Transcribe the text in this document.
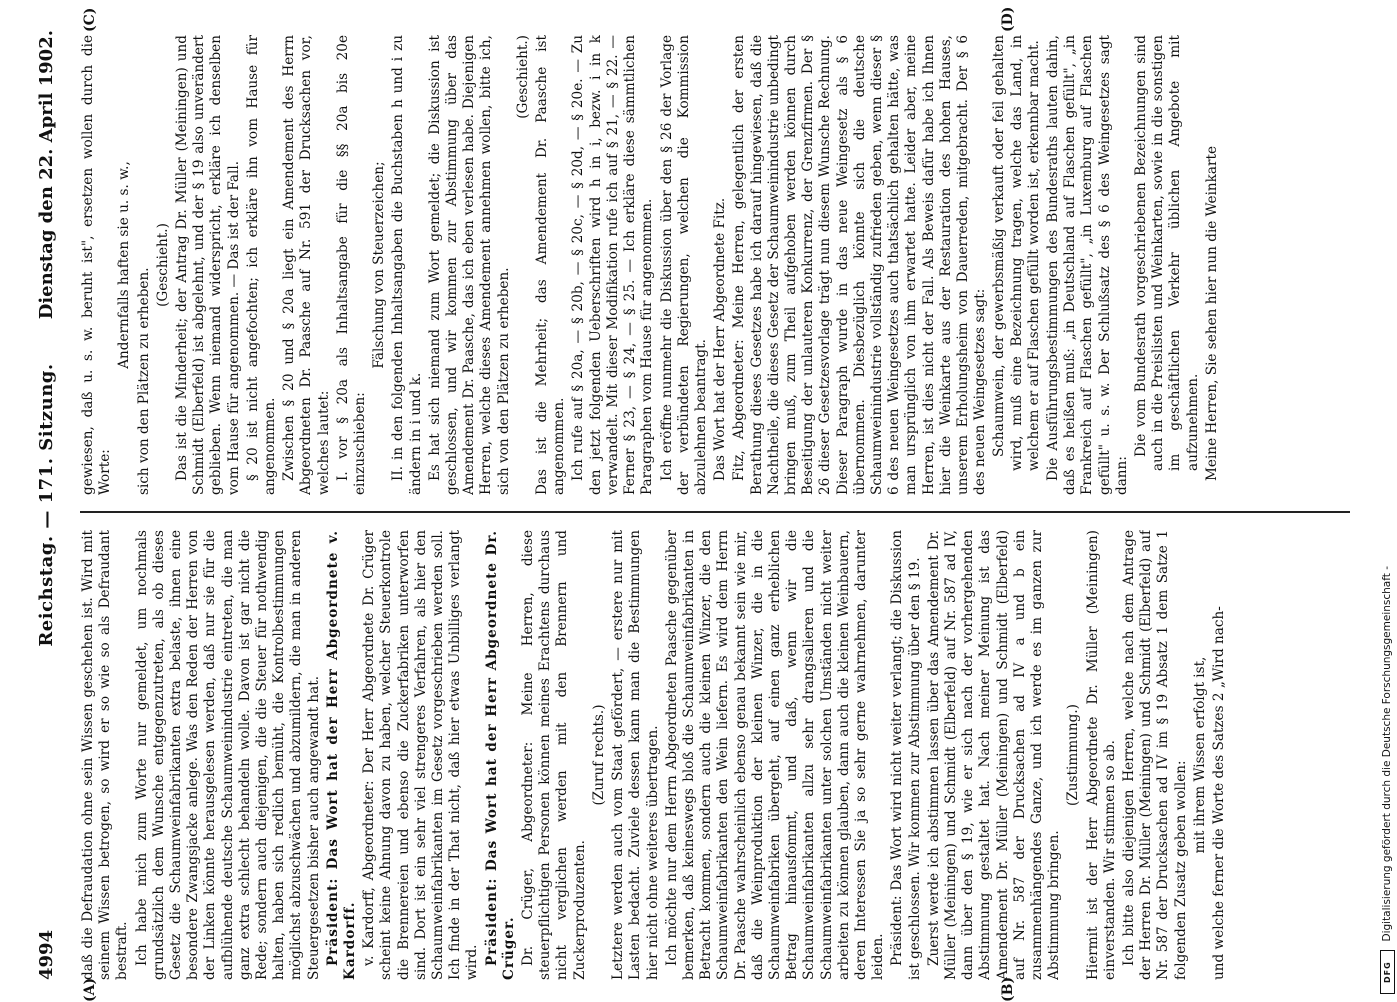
4994
Reichstag. — 171. Sitzung.
Dienstag den 22. April 1902.
(A)	(B)
(C)	(D)

daß die Defraudation ohne sein Wissen geschehen ist. Wird mit seinem Wissen betrogen, so wird er so wie so als Defraudant bestraft. Ich habe mich zum Worte nur gemeldet, um nochmals grundsätzlich dem Wunsche entgegenzutreten, als ob dieses Gesetz die Schaumweinfabrikanten extra belaste, ihnen eine besondere Zwangsjacke anlege. Was den Reden der Herren von der Linken könnte herausgelesen werden, daß nur sie für die aufblühende deutsche Schaumweinindustrie eintreten, die man ganz extra schlecht behandeln wolle. Davon ist gar nicht die Rede; sondern auch diejenigen, die die Steuer für nothwendig halten, haben sich redlich bemüht, die Kontrolbestimmungen möglichst abzuschwächen und abzumildern, die man in anderen Steuergesetzen bisher auch angewandt hat. Präsident: Das Wort hat der Herr Abgeordnete v. Kardorff. v. Kardorff, Abgeordneter: Der Herr Abgeordnete Dr. Crüger scheint keine Ahnung davon zu haben, welcher Steuerkontrole die Brennereien und ebenso die Zuckerfabriken unterworfen sind. Dort ist ein sehr viel strengeres Verfahren, als hier den Schaumweinfabrikanten im Gesetz vorgeschrieben werden soll. Ich finde in der That nicht, daß hier etwas Unbilliges verlangt wird. Präsident: Das Wort hat der Herr Abgeordnete Dr. Crüger. Dr. Crüger, Abgeordneter: Meine Herren, diese steuerpflichtigen Personen können meines Erachtens durchaus nicht verglichen werden mit den Brennern und Zuckerproduzenten.

(Zuruf rechts.) Letztere werden auch vom Staat gefördert, — erstere nur mit Lasten bedacht. Zuviele dessen kann man die Bestimmungen hier nicht ohne weiteres übertragen. Ich möchte nur dem Herrn Abgeordneten Paasche gegenüber bemerken, daß keineswegs bloß die Schaumweinfabrikanten in Betracht kommen, sondern auch die kleinen Winzer, die den Schaumweinfabrikanten den Wein liefern. Es wird dem Herrn Dr. Paasche wahrscheinlich ebenso genau bekannt sein wie mir, daß die Weinproduktion der kleinen Winzer, die in die Schaumweinfabriken übergeht, auf einen ganz erheblichen Betrag hinausfommt, und daß, wenn wir die Schaumweinfabrikanten allzu sehr drangsalieren und die Schaumweinfabrikanten unter solchen Umständen nicht weiter arbeiten zu können glauben, dann auch die kleinen Weinbauern, deren Interessen Sie ja so sehr gerne wahrnehmen, darunter leiden. Präsident: Das Wort wird nicht weiter verlangt; die Diskussion ist geschlossen. Wir kommen zur Abstimmung über den § 19. Zuerst werde ich abstimmen lassen über das Amendement Dr. Müller (Meiningen) und Schmidt (Elberfeld) auf Nr. 587 ad IV, dann über den § 19, wie er sich nach der vorhergehenden Abstimmung gestaltet hat. Nach meiner Meinung ist das Amendement Dr. Müller (Meiningen) und Schmidt (Elberfeld) auf Nr. 587 der Drucksachen ad IV a und b ein zusammenhängendes Ganze, und ich werde es im ganzen zur Abstimmung bringen.

(Zustimmung.) Hiermit ist der Herr Abgeordnete Dr. Müller (Meiningen) einverstanden. Wir stimmen so ab. Ich bitte also diejenigen Herren, welche nach dem Antrage der Herren Dr. Müller (Meiningen) und Schmidt (Elberfeld) auf Nr. 587 der Drucksachen ad IV im § 19 Absatz 1 dem Satze 1 folgenden Zusatz geben wollen:

mit ihrem Wissen erfolgt ist, und welche ferner die Worte des Satzes 2 „Wird nach-

gewiesen, daß u. s. w. beruht ist", ersetzen wollen durch die Worte:

Andernfalls haften sie u. s. w.,

sich von den Plätzen zu erheben.

(Geschieht.) Das ist die Minderheit; der Antrag Dr. Müller (Meiningen) und Schmidt (Elberfeld) ist abgelehnt, und der § 19 also unverändert geblieben. Wenn niemand widerspricht, erkläre ich denselben vom Hause für angenommen. — Das ist der Fall. § 20 ist nicht angefochten; ich erkläre ihn vom Hause für angenommen. Zwischen § 20 und § 20a liegt ein Amendement des Herrn Abgeordneten Dr. Paasche auf Nr. 591 der Drucksachen vor, welches lautet: I. vor § 20a als Inhaltsangabe für die §§ 20a bis 20e einzuschieben:

Fälschung von Steuerzeichen; II. in den folgenden Inhaltsangaben die Buchstaben h und i zu ändern in i und k. Es hat sich niemand zum Wort gemeldet; die Diskussion ist geschlossen, und wir kommen zur Abstimmung über das Amendement Dr. Paasche, das ich eben verlesen habe. Diejenigen Herren, welche dieses Amendement annehmen wollen, bitte ich, sich von den Plätzen zu erheben.

(Geschieht.) Das ist die Mehrheit; das Amendement Dr. Paasche ist angenommen. Ich rufe auf § 20a, — § 20b, — § 20c, — § 20d, — § 20e. — Zu den jetzt folgenden Ueberschriften wird h in i, bezw. i in k verwandelt. Mit dieser Modifikation rufe ich auf § 21, — § 22. — Ferner § 23, — § 24, — § 25. — Ich erkläre diese sämmtlichen Paragraphen vom Hause für angenommen. Ich eröffne nunmehr die Diskussion über den § 26 der Vorlage der verbündeten Regierungen, welchen die Kommission abzulehnen beantragt. Das Wort hat der Herr Abgeordnete Fitz. Fitz, Abgeordneter: Meine Herren, gelegentlich der ersten Berathung dieses Gesetzes habe ich darauf hingewiesen, daß die Nachtheile, die dieses Gesetz der Schaumweinindustrie unbedingt bringen muß, zum Theil aufgehoben werden können durch Beseitigung der unlauteren Konkurrenz, der Grenzfirmen. Der § 26 dieser Gesetzesvorlage trägt nun diesem Wunsche Rechnung. Dieser Paragraph wurde in das neue Weingesetz als § 6 übernommen. Diesbezüglich könnte sich die deutsche Schaumweinindustrie vollständig zufrieden geben, wenn dieser § 6 des neuen Weingesetzes auch thatsächlich gehalten hätte, was man ursprünglich von ihm erwartet hatte. Leider aber, meine Herren, ist dies nicht der Fall. Als Beweis dafür habe ich Ihnen hier die Weinkarte aus der Restauration des hohen Hauses, unserem Erholungsheim von Dauerreden, mitgebracht. Der § 6 des neuen Weingesetzes sagt: Schaumwein, der gewerbsmäßig verkauft oder feil gehalten wird, muß eine Bezeichnung tragen, welche das Land, in welchem er auf Flaschen gefüllt worden ist, erkennbar macht. Die Ausführungsbestimmungen des Bundesraths lauten dahin, daß es heißen muß: „in Deutschland auf Flaschen gefüllt", „in Frankreich auf Flaschen gefüllt", „in Luxemburg auf Flaschen gefüllt" u. s. w. Der Schlußsatz des § 6 des Weingesetzes sagt dann:

Die vom Bundesrath vorgeschriebenen Bezeichnungen sind auch in die Preislisten und Weinkarten, sowie in die sonstigen im geschäftlichen Verkehr üblichen Angebote mit aufzunehmen. Meine Herren, Sie sehen hier nun die Weinkarte

Digitalisierung gefördert durch die Deutsche Forschungsgemeinschaft -
DFG
